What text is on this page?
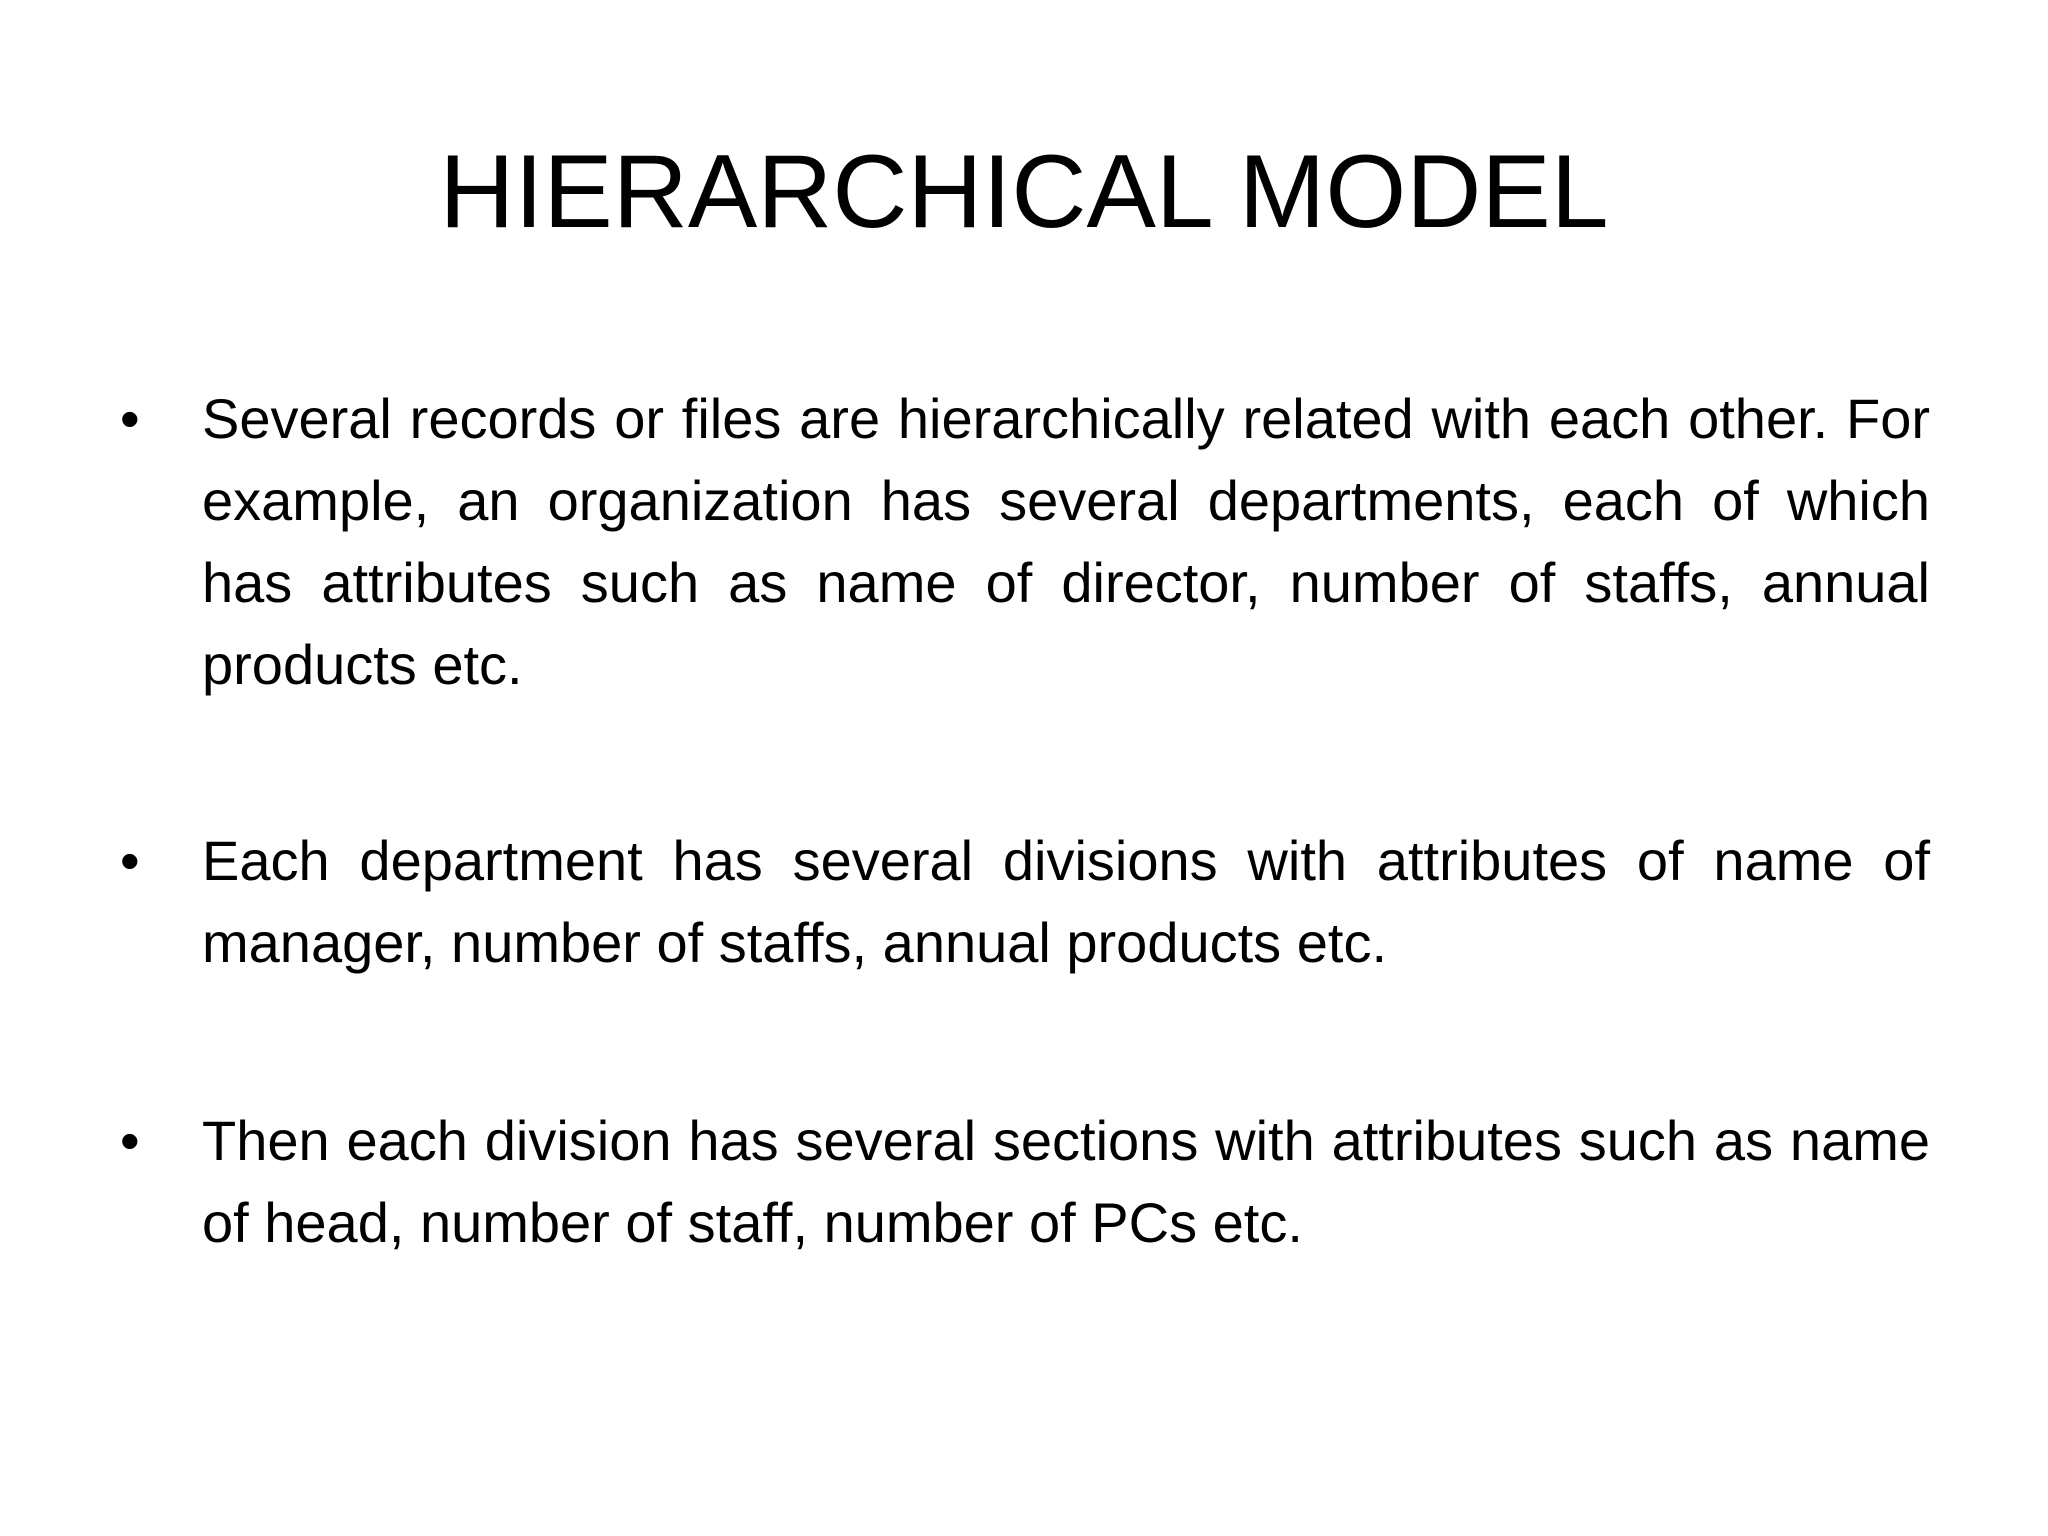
HIERARCHICAL MODEL
•	Several records or files are hierarchically related with each other. For example, an organization has several departments, each of which has attributes such as name of director, number of staffs, annual products etc.
•	Each department has several divisions with attributes of name of manager, number of staffs, annual products etc.
•	Then each division has several sections with attributes such as name of head, number of staff, number of PCs etc.
